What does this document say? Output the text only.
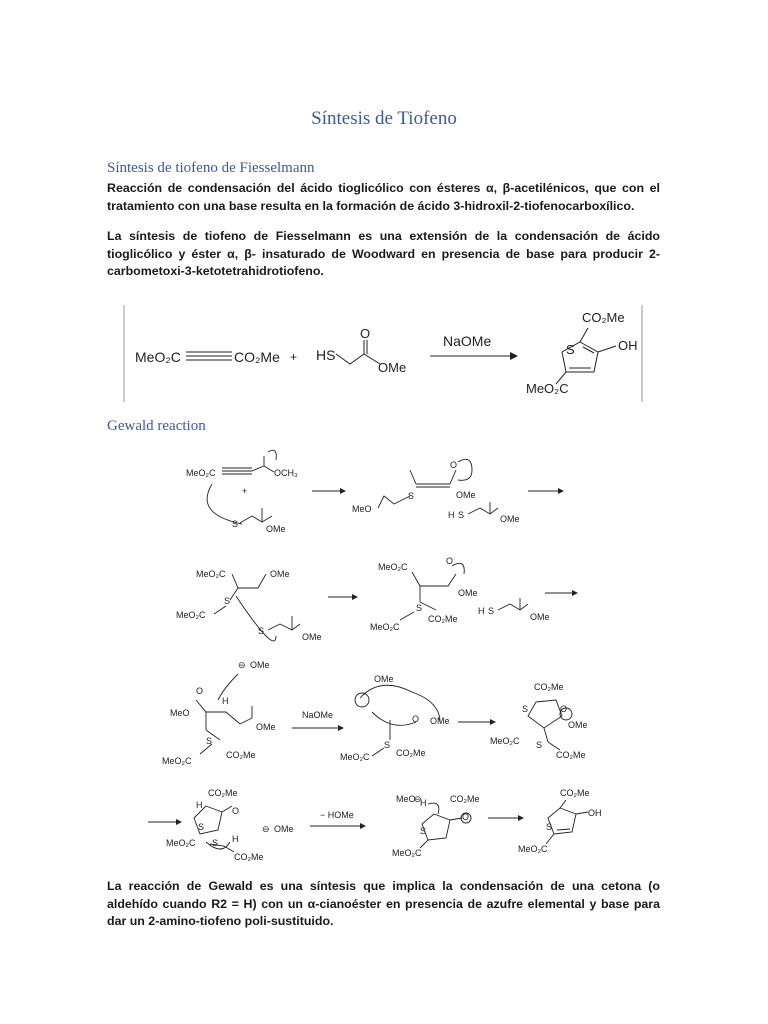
Síntesis de Tiofeno
Síntesis de tiofeno de Fiesselmann
Reacción de condensación del ácido tioglicólico con ésteres α, β-acetilénicos, que con el tratamiento con una base resulta en la formación de ácido 3-hidroxil-2-tiofenocarboxílico.
La síntesis de tiofeno de Fiesselmann es una extensión de la condensación de ácido tioglicólico y éster α, β- insaturado de Woodward en presencia de base para producir 2-carbometoxi-3-ketotetrahidrotiofeno.
MeO₂C	CO₂Me + HS
O
OMe
NaOMe
CO₂Me
S	OH
MeO₂C
Gewald reaction
MeO₂C	OCH₃
+
S	OMe
S
O
OMe
MeO
H S	OMe
MeO₂C	OMe
S
MeO₂C
S
OMe
MeO₂C
O
OMe
S
MeO₂C
CO₂Me
H S
OMe
⊖ OMe
O
H
MeO
OMe
S
CO₂Me
MeO₂C
NaOMe
OMe
O OMe
S
CO₂Me
MeO₂C
CO₂Me
S	O
OMe
MeO₂C S
CO₂Me
CO₂Me
H
O
S
MeO₂C S H
⊖ OMe
CO₂Me
− HOMe
MeO
⊖	CO₂Me
H
S
O
MeO₂C
CO₂Me
S
OH
MeO₂C
La reacción de Gewald es una síntesis que implica la condensación de una cetona (o aldehído cuando R2 = H) con un α-cianoéster en presencia de azufre elemental y base para dar un 2-amino-tiofeno poli-sustituido.
